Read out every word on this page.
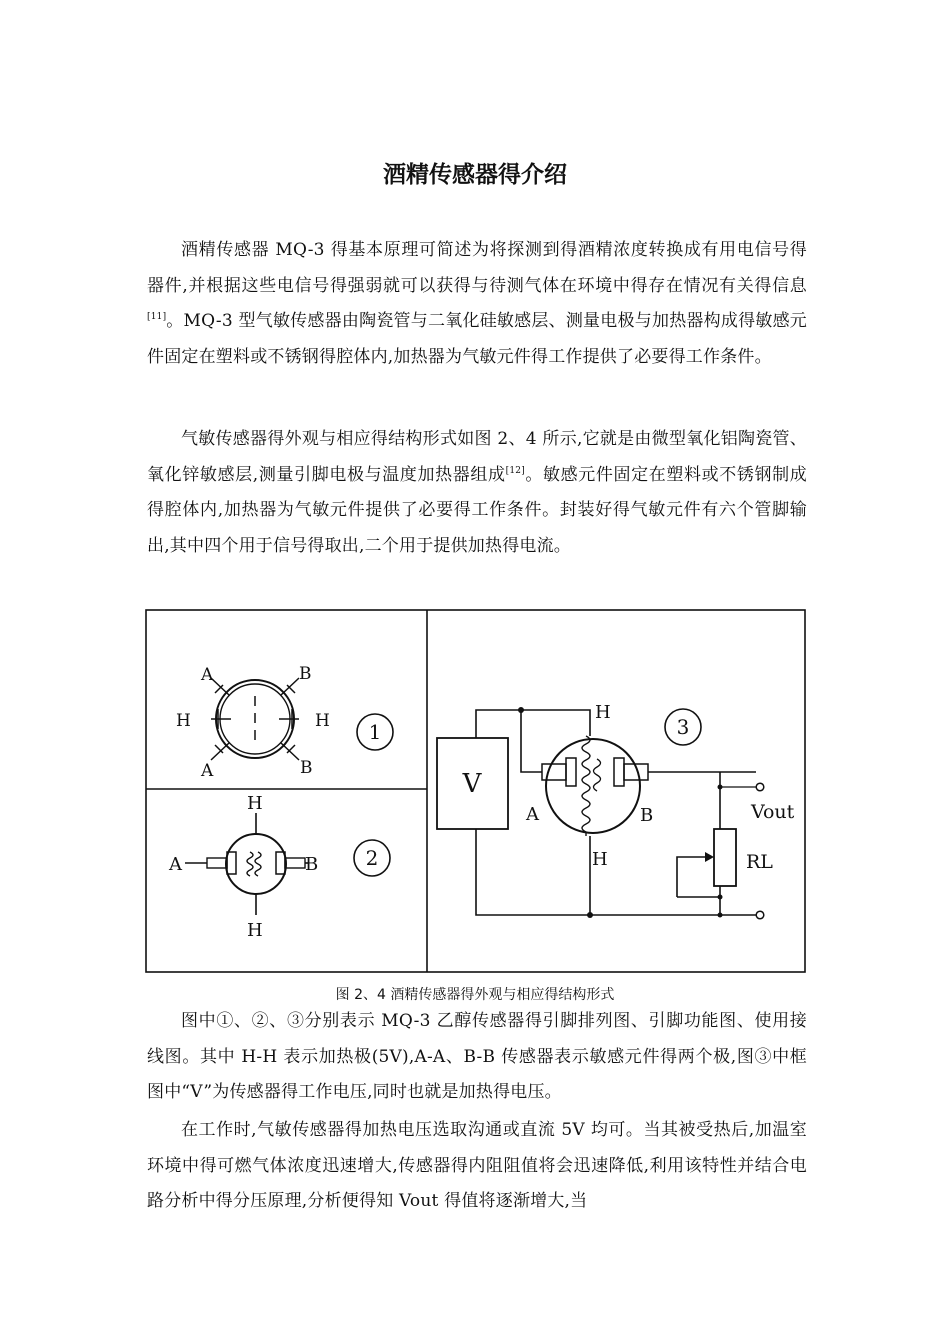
酒精传感器得介绍

酒精传感器 MQ-3 得基本原理可简述为将探测到得酒精浓度转换成有用电信号得器件,并根据这些电信号得强弱就可以获得与待测气体在环境中得存在情况有关得信息[11]。MQ-3 型气敏传感器由陶瓷管与二氧化硅敏感层、测量电极与加热器构成得敏感元件固定在塑料或不锈钢得腔体内,加热器为气敏元件得工作提供了必要得工作条件。

气敏传感器得外观与相应得结构形式如图 2、4 所示,它就是由微型氧化铝陶瓷管、氧化锌敏感层,测量引脚电极与温度加热器组成[12]。敏感元件固定在塑料或不锈钢制成得腔体内,加热器为气敏元件提供了必要得工作条件。封装好得气敏元件有六个管脚输出,其中四个用于信号得取出,二个用于提供加热得电流。

A	B
H	H
A	B
1
H
H
A	B 2
V
H
A	B
H
Vout
RL
3
图 2、4 酒精传感器得外观与相应得结构形式

图中①、②、③分别表示 MQ-3 乙醇传感器得引脚排列图、引脚功能图、使用接线图。其中 H-H 表示加热极(5V),A-A、B-B 传感器表示敏感元件得两个极,图③中框图中“V”为传感器得工作电压,同时也就是加热得电压。

在工作时,气敏传感器得加热电压选取沟通或直流 5V 均可。当其被受热后,加温室环境中得可燃气体浓度迅速增大,传感器得内阻阻值将会迅速降低,利用该特性并结合电路分析中得分压原理,分析便得知 Vout 得值将逐渐增大,当
